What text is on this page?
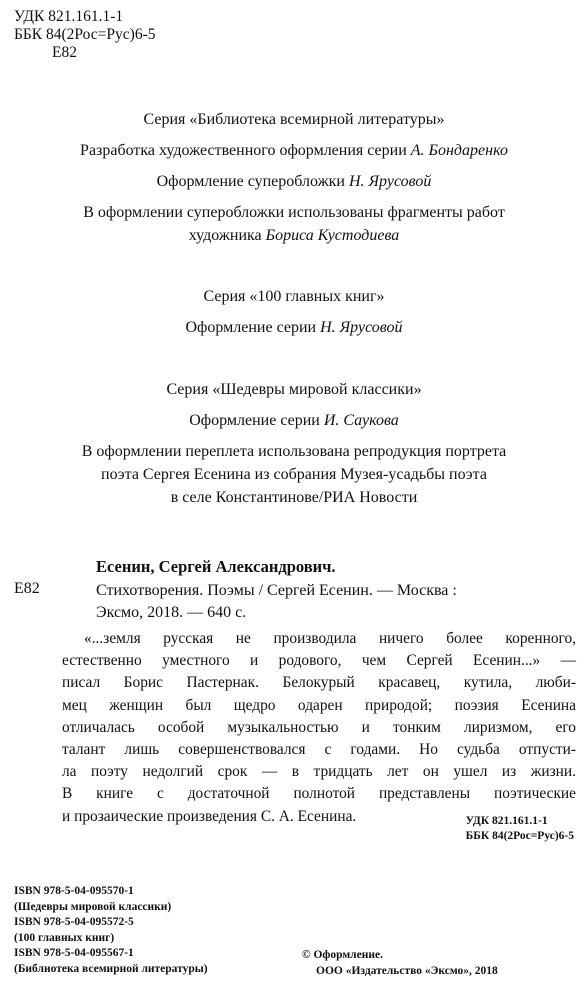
УДК 821.161.1-1
ББК 84(2Рос=Рус)6-5
Е82
Серия «Библиотека всемирной литературы»
Разработка художественного оформления серии А. Бондаренко
Оформление суперобложки Н. Ярусовой
В оформлении суперобложки использованы фрагменты работ
художника Бориса Кустодиева
Серия «100 главных книг»
Оформление серии Н. Ярусовой
Серия «Шедевры мировой классики»
Оформление серии И. Саукова
В оформлении переплета использована репродукция портрета
поэта Сергея Есенина из собрания Музея-усадьбы поэта
в селе Константинове/РИА Новости
Есенин, Сергей Александрович.
Е82	Стихотворения. Поэмы / Сергей Есенин. — Москва :
Эксмо, 2018. — 640 с.
«...земля русская не производила ничего более коренного,
естественно уместного и родового, чем Сергей Есенин...» —
писал Борис Пастернак. Белокурый красавец, кутила, люби-
мец женщин был щедро одарен природой; поэзия Есенина
отличалась особой музыкальностью и тонким лиризмом, его
талант лишь совершенствовался с годами. Но судьба отпусти-
ла поэту недолгий срок — в тридцать лет он ушел из жизни.
В книге с достаточной полнотой представлены поэтические
и прозаические произведения С. А. Есенина.	УДК 821.161.1-1
ББК 84(2Рос=Рус)6-5
ISBN 978-5-04-095570-1
(Шедевры мировой классики)
ISBN 978-5-04-095572-5
(100 главных книг)
ISBN 978-5-04-095567-1
(Библиотека всемирной литературы)
© Оформление.
ООО «Издательство «Эксмо», 2018
